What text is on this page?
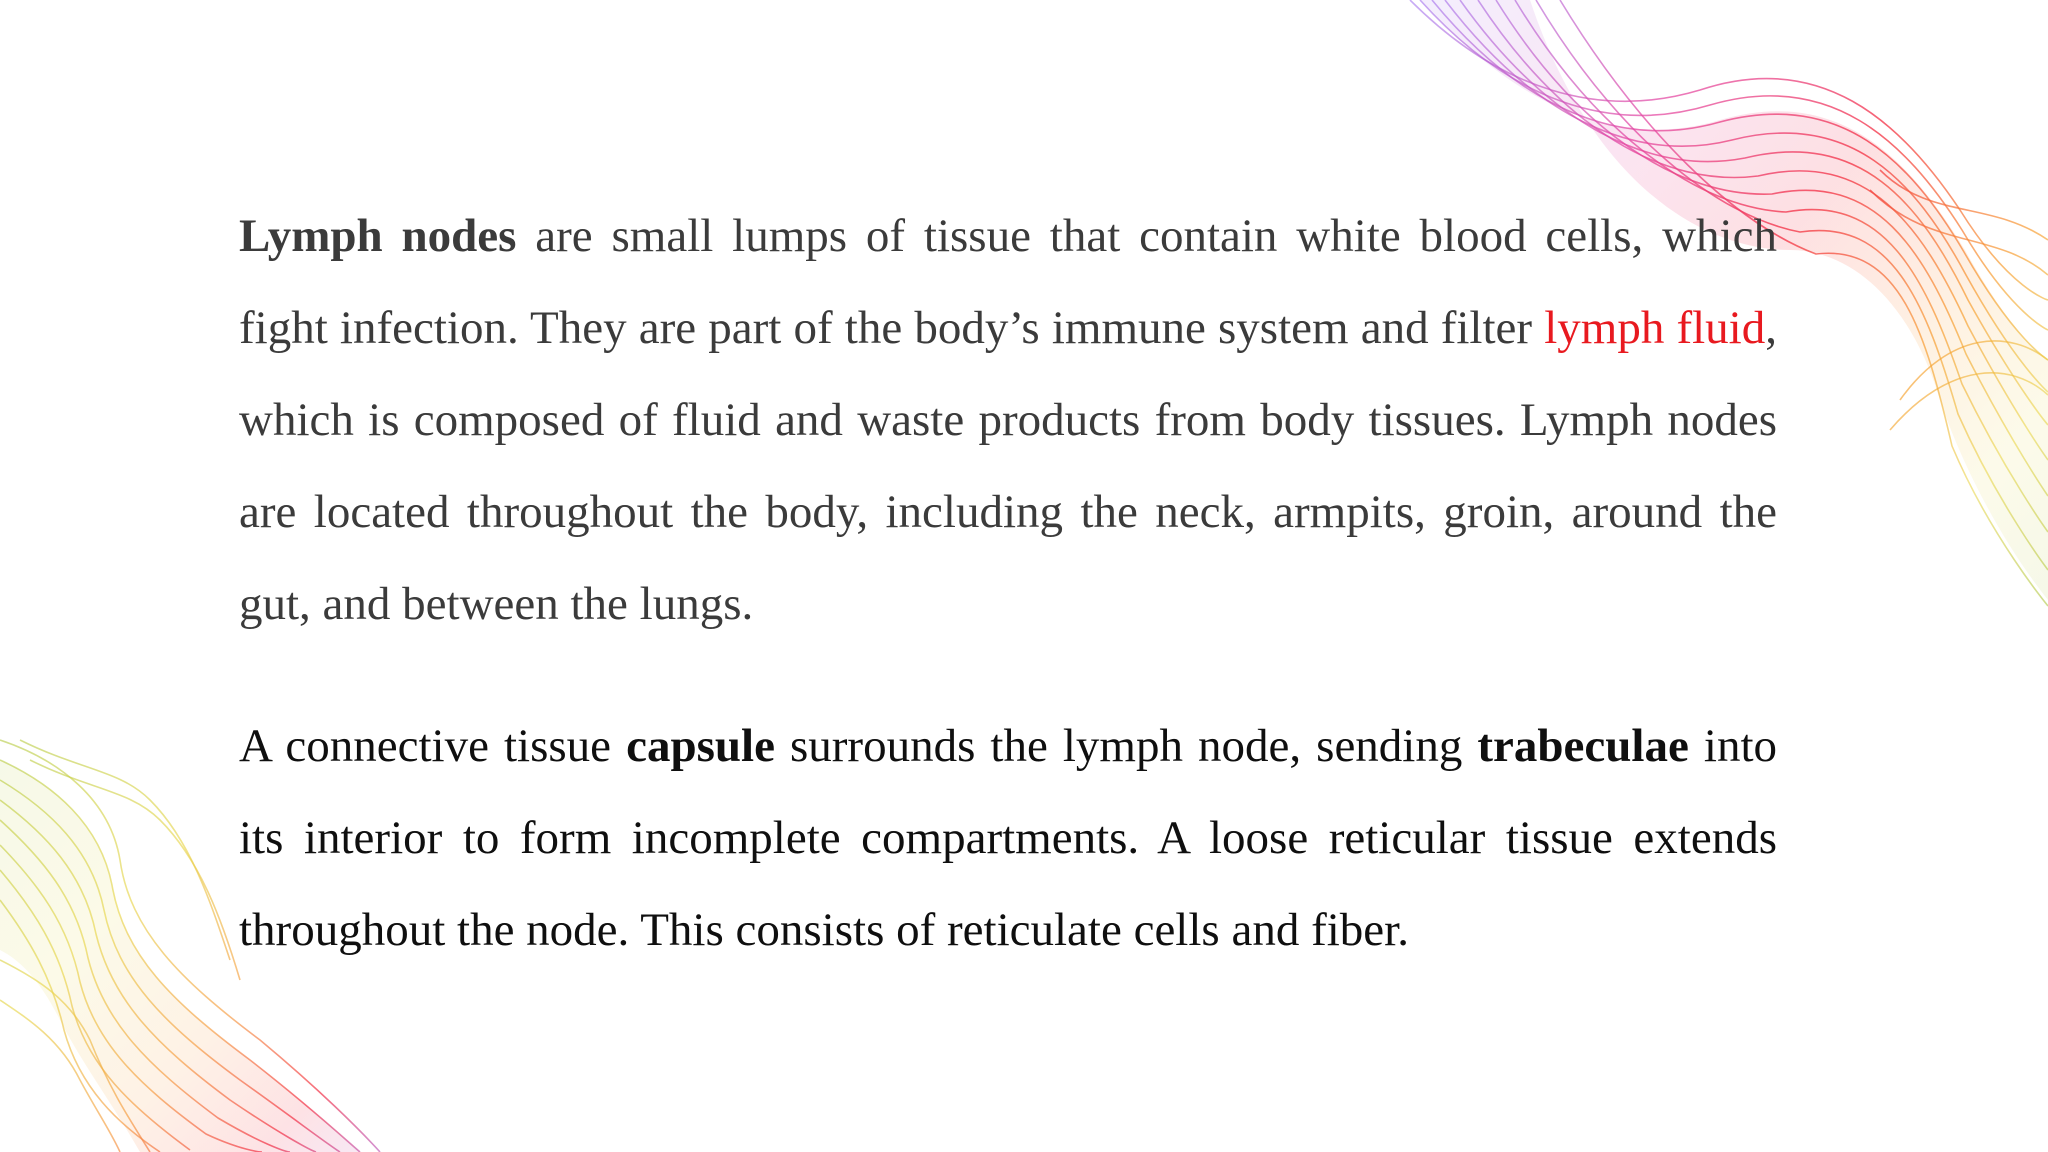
Lymph nodes are small lumps of tissue that contain white blood cells, which fight infection. They are part of the body’s immune system and filter lymph fluid, which is composed of fluid and waste products from body tissues. Lymph nodes are located throughout the body, including the neck, armpits, groin, around the gut, and between the lungs.

A connective tissue capsule surrounds the lymph node, sending trabeculae into its interior to form incomplete compartments. A loose reticular tissue extends throughout the node. This consists of reticulate cells and fiber.
